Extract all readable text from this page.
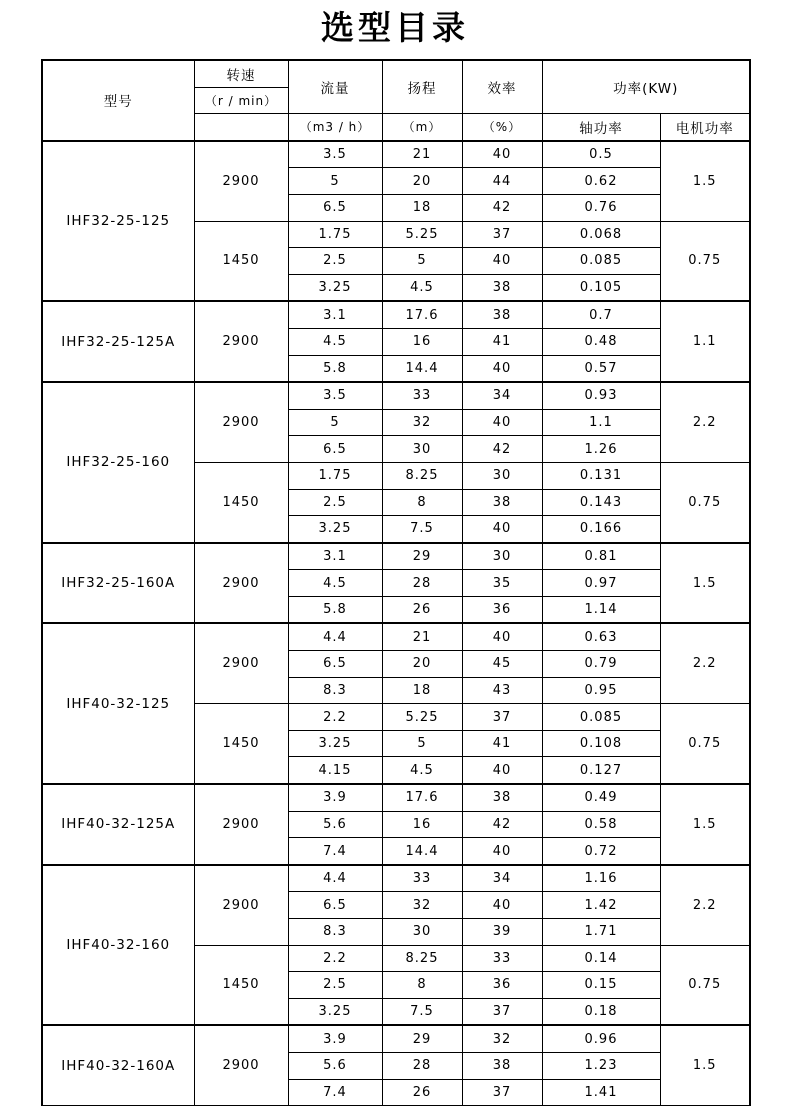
选型目录
型号	转速	流量	扬程	效率	功率(KW)	
	（r / min）					
		（m3 / h）	（m）	（%）	轴功率	电机功率
IHF32-25-125	2900	3.5	21	40	0.5	1.5
		5	20	44	0.62	
		6.5	18	42	0.76	
	1450	1.75	5.25	37	0.068	0.75
		2.5	5	40	0.085	
		3.25	4.5	38	0.105	
IHF32-25-125A	2900	3.1	17.6	38	0.7	1.1
		4.5	16	41	0.48	
		5.8	14.4	40	0.57	
IHF32-25-160	2900	3.5	33	34	0.93	2.2
		5	32	40	1.1	
		6.5	30	42	1.26	
	1450	1.75	8.25	30	0.131	0.75
		2.5	8	38	0.143	
		3.25	7.5	40	0.166	
IHF32-25-160A	2900	3.1	29	30	0.81	1.5
		4.5	28	35	0.97	
		5.8	26	36	1.14	
IHF40-32-125	2900	4.4	21	40	0.63	2.2
		6.5	20	45	0.79	
		8.3	18	43	0.95	
	1450	2.2	5.25	37	0.085	0.75
		3.25	5	41	0.108	
		4.15	4.5	40	0.127	
IHF40-32-125A	2900	3.9	17.6	38	0.49	1.5
		5.6	16	42	0.58	
		7.4	14.4	40	0.72	
IHF40-32-160	2900	4.4	33	34	1.16	2.2
		6.5	32	40	1.42	
		8.3	30	39	1.71	
	1450	2.2	8.25	33	0.14	0.75
		2.5	8	36	0.15	
		3.25	7.5	37	0.18	
IHF40-32-160A	2900	3.9	29	32	0.96	1.5
		5.6	28	38	1.23	
		7.4	26	37	1.41	
